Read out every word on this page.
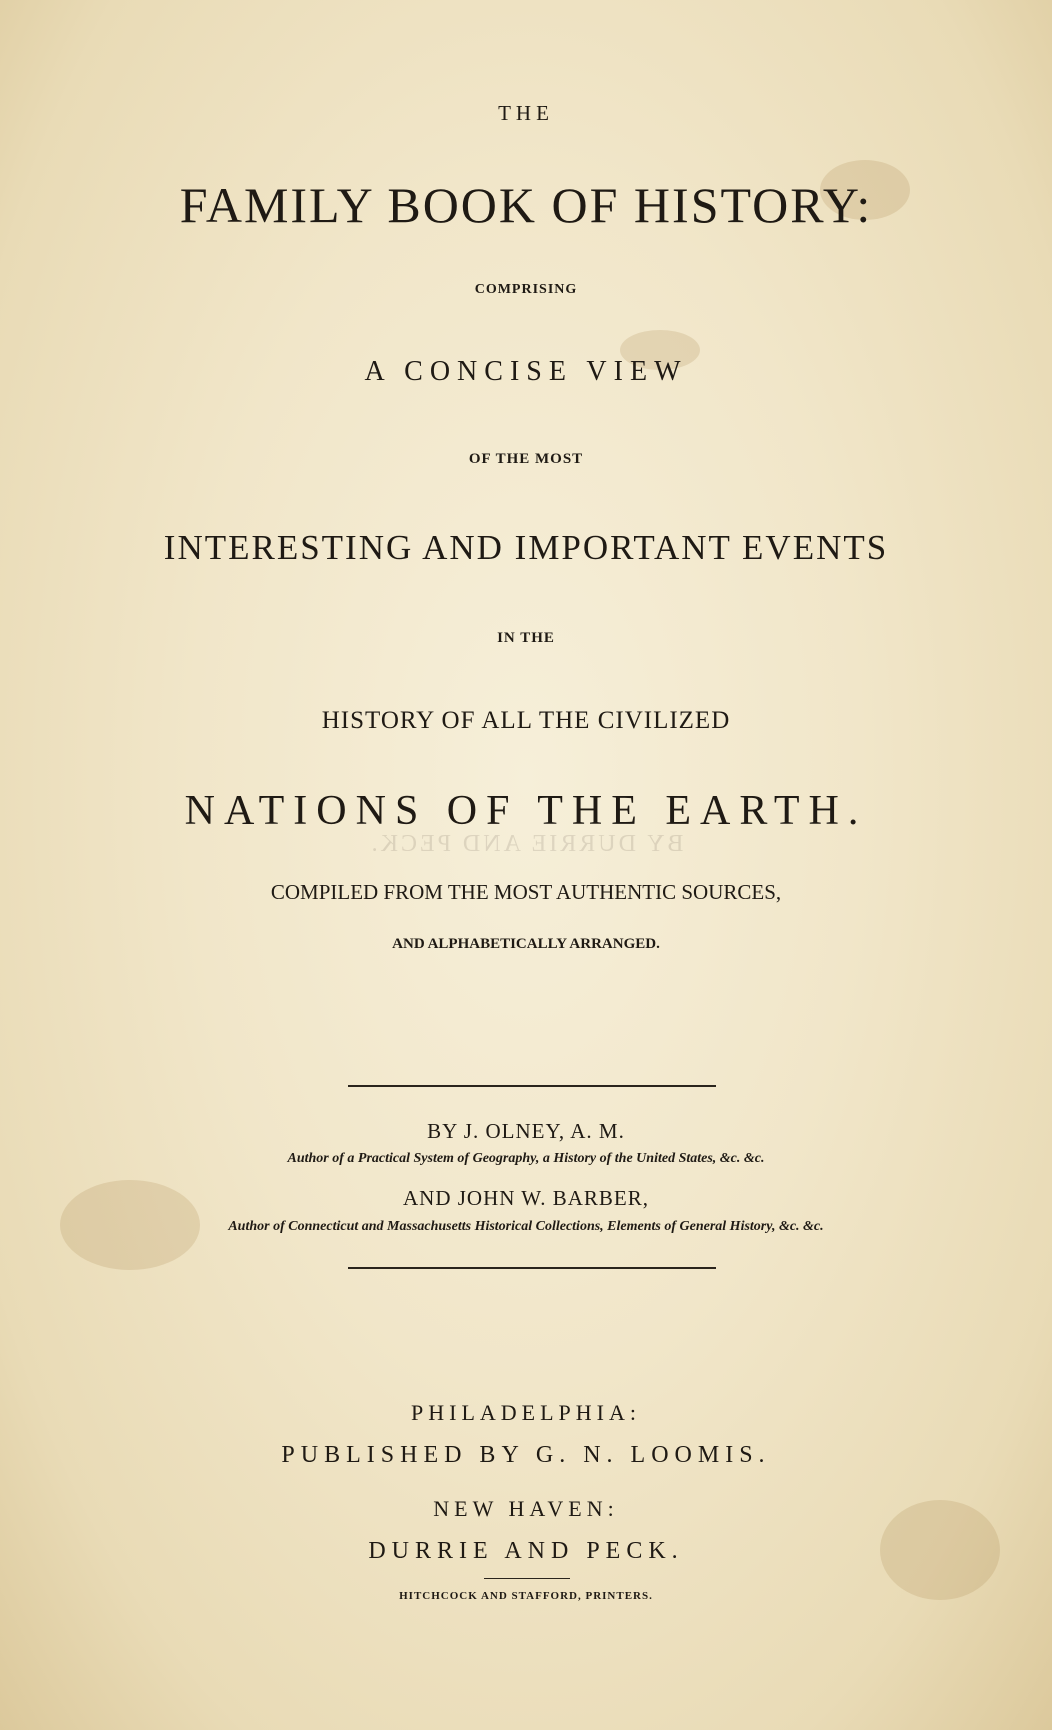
THE
FAMILY BOOK OF HISTORY:
COMPRISING
A CONCISE VIEW
OF THE MOST
INTERESTING AND IMPORTANT EVENTS
IN THE
HISTORY OF ALL THE CIVILIZED
NATIONS OF THE EARTH.
BY DURRIE AND PECK.
COMPILED FROM THE MOST AUTHENTIC SOURCES,
AND ALPHABETICALLY ARRANGED.
BY J. OLNEY, A. M.
Author of a Practical System of Geography, a History of the United States, &c. &c.
AND JOHN W. BARBER,
Author of Connecticut and Massachusetts Historical Collections, Elements of General History, &c. &c.
PHILADELPHIA:
PUBLISHED BY G. N. LOOMIS.
NEW HAVEN:
DURRIE AND PECK.
HITCHCOCK AND STAFFORD, PRINTERS.
